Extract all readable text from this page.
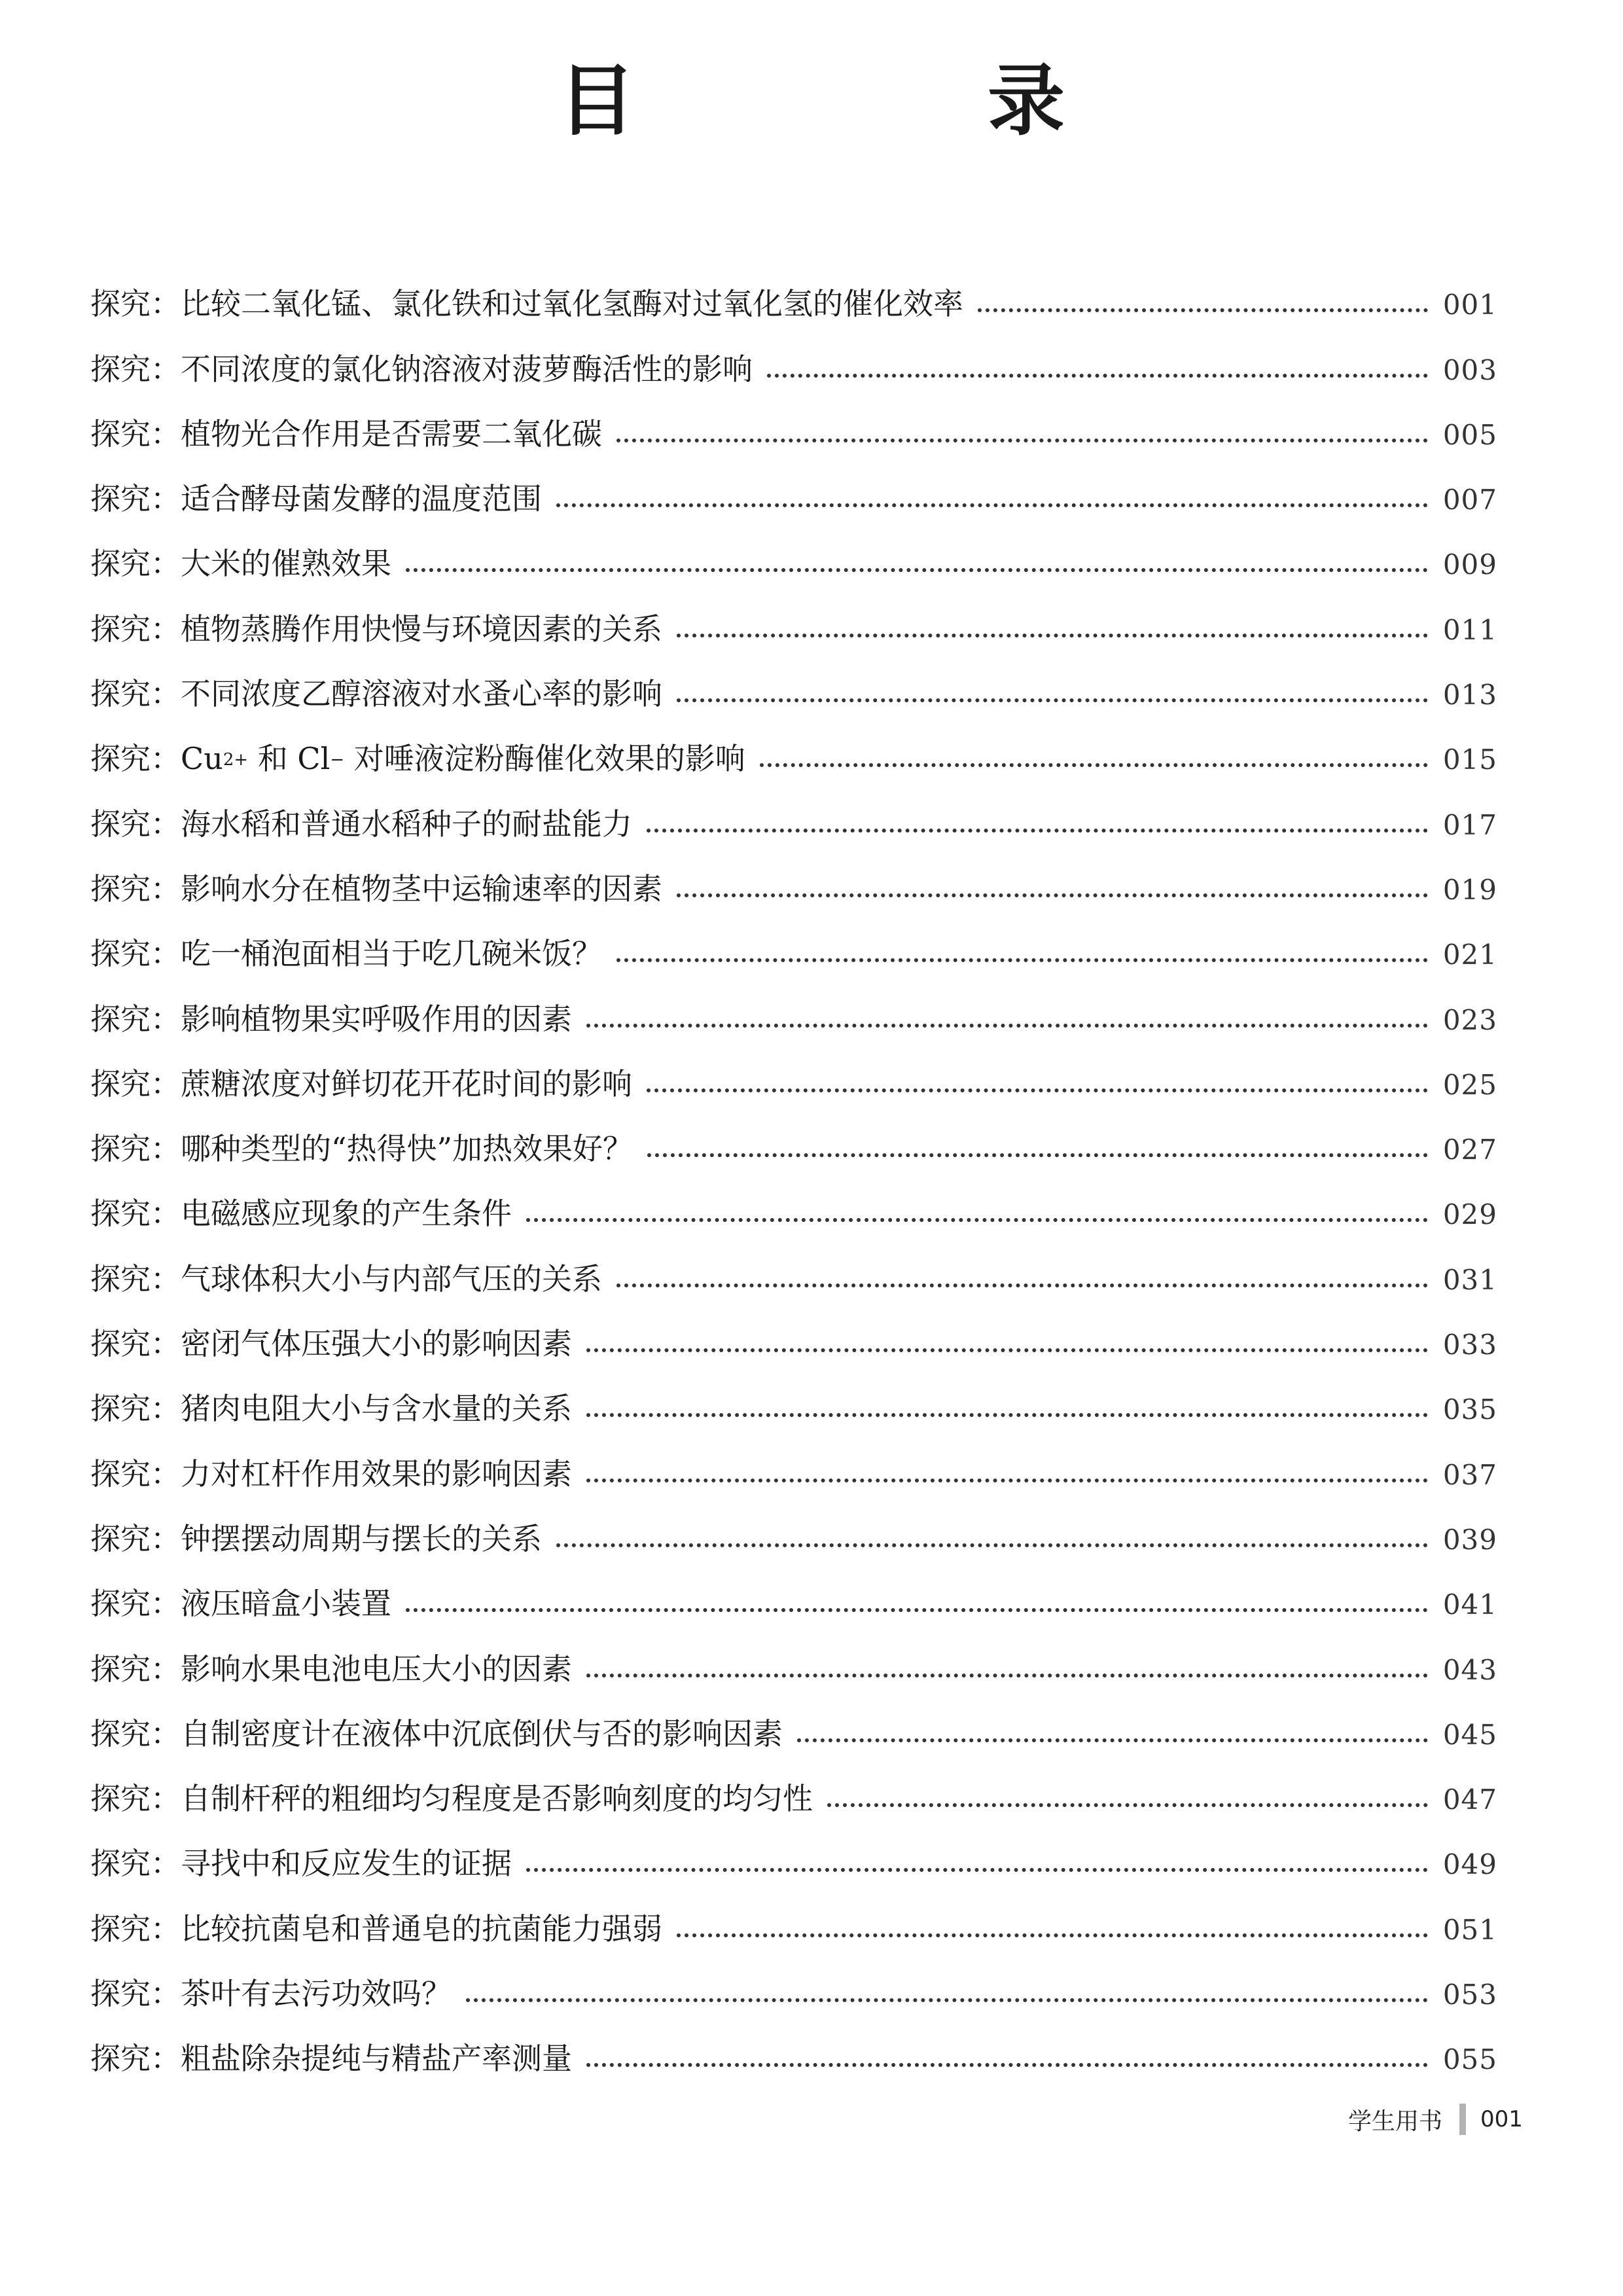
目　录
探究： 比较二氧化锰、氯化铁和过氧化氢酶对过氧化氢的催化效率	001
探究： 不同浓度的氯化钠溶液对菠萝酶活性的影响	003
探究： 植物光合作用是否需要二氧化碳	005
探究： 适合酵母菌发酵的温度范围	007
探究： 大米的催熟效果	009
探究： 植物蒸腾作用快慢与环境因素的关系	011
探究： 不同浓度乙醇溶液对水蚤心率的影响	013
探究： $Cu^{2+}$ 和 Cl− 对唾液淀粉酶催化效果的影响	015
探究： 海水稻和普通水稻种子的耐盐能力	017
探究： 影响水分在植物茎中运输速率的因素	019
探究： 吃一桶泡面相当于吃几碗米饭？	021
探究： 影响植物果实呼吸作用的因素	023
探究： 蔗糖浓度对鲜切花开花时间的影响	025
探究： 哪种类型的“热得快”加热效果好？	027
探究： 电磁感应现象的产生条件	029
探究： 气球体积大小与内部气压的关系	031
探究： 密闭气体压强大小的影响因素	033
探究： 猪肉电阻大小与含水量的关系	035
探究： 力对杠杆作用效果的影响因素	037
探究： 钟摆摆动周期与摆长的关系	039
探究： 液压暗盒小装置	041
探究： 影响水果电池电压大小的因素	043
探究： 自制密度计在液体中沉底倒伏与否的影响因素	045
探究： 自制杆秤的粗细均匀程度是否影响刻度的均匀性	047
探究： 寻找中和反应发生的证据	049
探究： 比较抗菌皂和普通皂的抗菌能力强弱	051
探究： 茶叶有去污功效吗？	053
探究： 粗盐除杂提纯与精盐产率测量	055
学生用书 001
